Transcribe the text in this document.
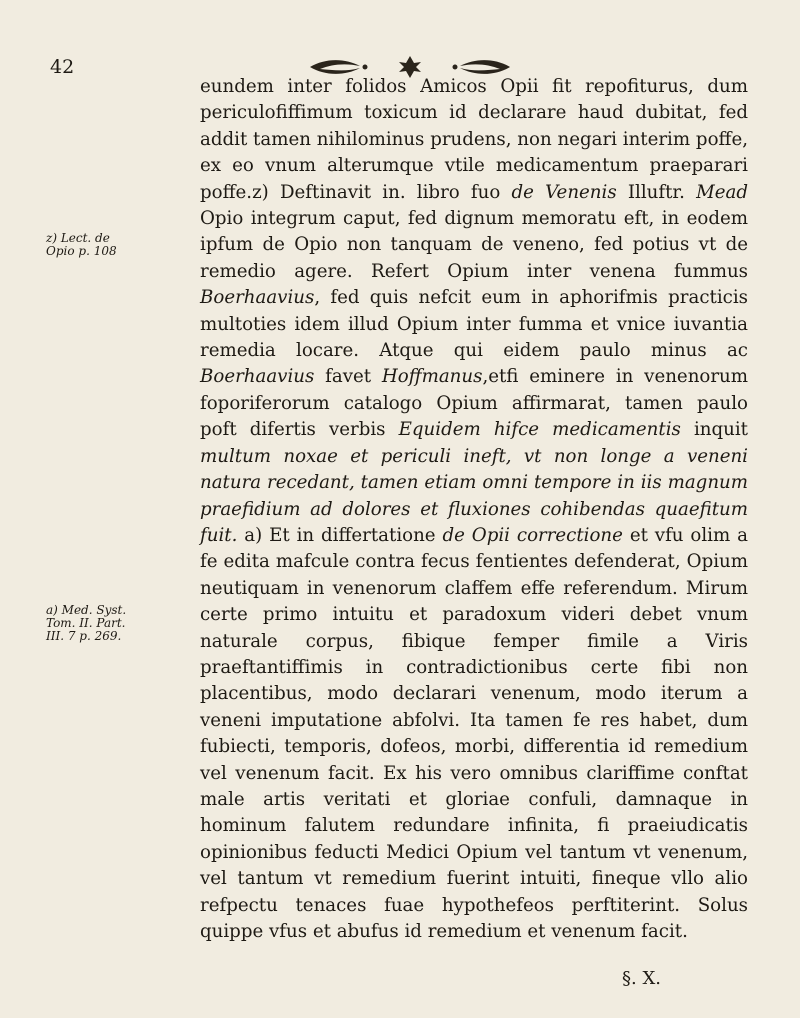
42
z) Lect. de
Opio p. 108
a) Med. Syst.
Tom. II. Part.
III. 7 p. 269.

eundem inter folidos Amicos Opii fit repofiturus, dum periculofiffimum toxicum id declarare haud dubitat, fed addit tamen nihilominus prudens, non negari interim poffe, ex eo vnum alterumque vtile medicamentum praeparari poffe.z) Deftinavit in. libro fuo de Venenis Illuftr. Mead Opio integrum caput, fed dignum memoratu eft, in eodem ipfum de Opio non tanquam de veneno, fed potius vt de remedio agere. Refert Opium inter venena fummus Boerhaavius, fed quis nefcit eum in aphorifmis practicis multoties idem illud Opium inter fumma et vnice iuvantia remedia locare. Atque qui eidem paulo minus ac Boerhaavius favet Hoffmanus,etfi eminere in venenorum foporiferorum catalogo Opium affirmarat, tamen paulo poft difertis verbis Equidem hifce medicamentis inquit multum noxae et periculi ineft, vt non longe a veneni natura recedant, tamen etiam omni tempore in iis magnum praefidium ad dolores et fluxiones cohibendas quaefitum fuit. a) Et in differtatione de Opii correctione et vfu olim a fe edita mafcule contra fecus fentientes defenderat, Opium neutiquam in venenorum claffem effe referendum. Mirum certe primo intuitu et paradoxum videri debet vnum naturale corpus, fibique femper fimile a Viris praeftantiffimis in contradictionibus certe fibi non placentibus, modo declarari venenum, modo iterum a veneni imputatione abfolvi. Ita tamen fe res habet, dum fubiecti, temporis, dofeos, morbi, differentia id remedium vel venenum facit. Ex his vero omnibus clariffime conftat male artis veritati et gloriae confuli, damnaque in hominum falutem redundare infinita, fi praeiudicatis opinionibus feducti Medici Opium vel tantum vt venenum, vel tantum vt remedium fuerint intuiti, fineque vllo alio refpectu tenaces fuae hypothefeos perftiterint. Solus quippe vfus et abufus id remedium et venenum facit.

§. X.
